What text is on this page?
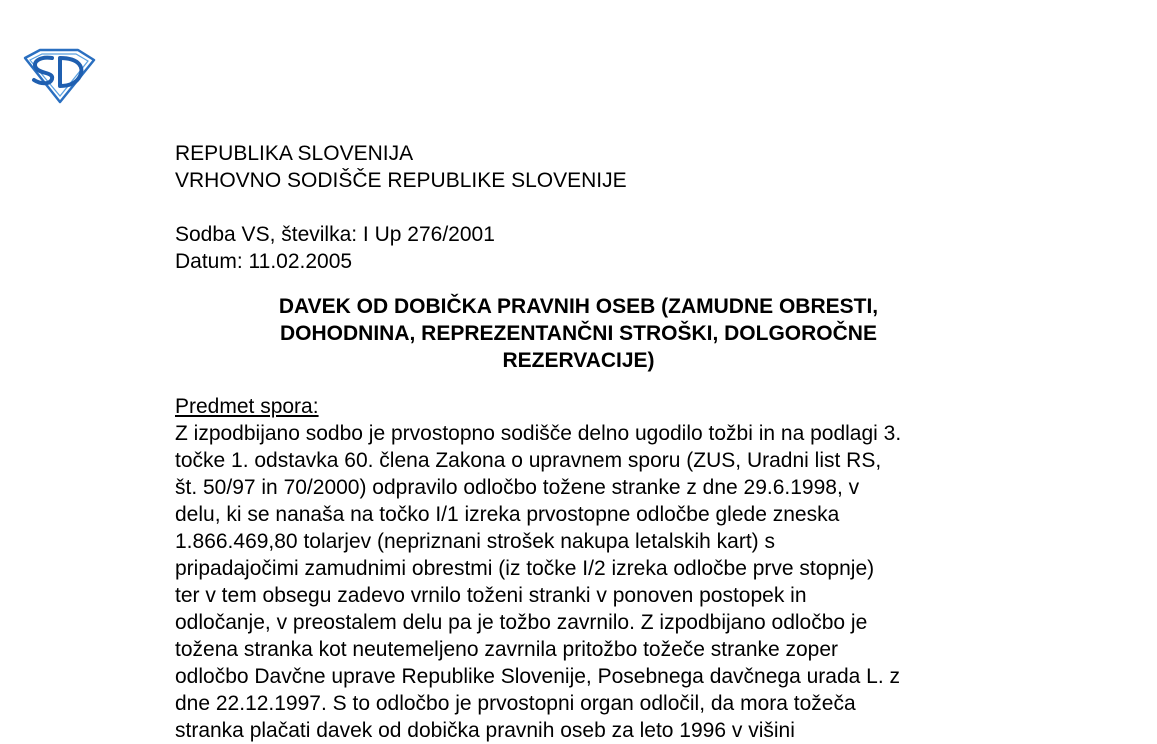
REPUBLIKA SLOVENIJA
VRHOVNO SODIŠČE REPUBLIKE SLOVENIJE
Sodba VS, številka: I Up 276/2001
Datum: 11.02.2005
DAVEK OD DOBIČKA PRAVNIH OSEB (ZAMUDNE OBRESTI,
DOHODNINA, REPREZENTANČNI STROŠKI, DOLGOROČNE
REZERVACIJE)
Predmet spora:
Z izpodbijano sodbo je prvostopno sodišče delno ugodilo tožbi in na podlagi 3.
točke 1. odstavka 60. člena Zakona o upravnem sporu (ZUS, Uradni list RS,
št. 50/97 in 70/2000) odpravilo odločbo tožene stranke z dne 29.6.1998, v
delu, ki se nanaša na točko I/1 izreka prvostopne odločbe glede zneska
1.866.469,80 tolarjev (nepriznani strošek nakupa letalskih kart) s
pripadajočimi zamudnimi obrestmi (iz točke I/2 izreka odločbe prve stopnje)
ter v tem obsegu zadevo vrnilo toženi stranki v ponoven postopek in
odločanje, v preostalem delu pa je tožbo zavrnilo. Z izpodbijano odločbo je
tožena stranka kot neutemeljeno zavrnila pritožbo tožeče stranke zoper
odločbo Davčne uprave Republike Slovenije, Posebnega davčnega urada L. z
dne 22.12.1997. S to odločbo je prvostopni organ odločil, da mora tožeča
stranka plačati davek od dobička pravnih oseb za leto 1996 v višini
